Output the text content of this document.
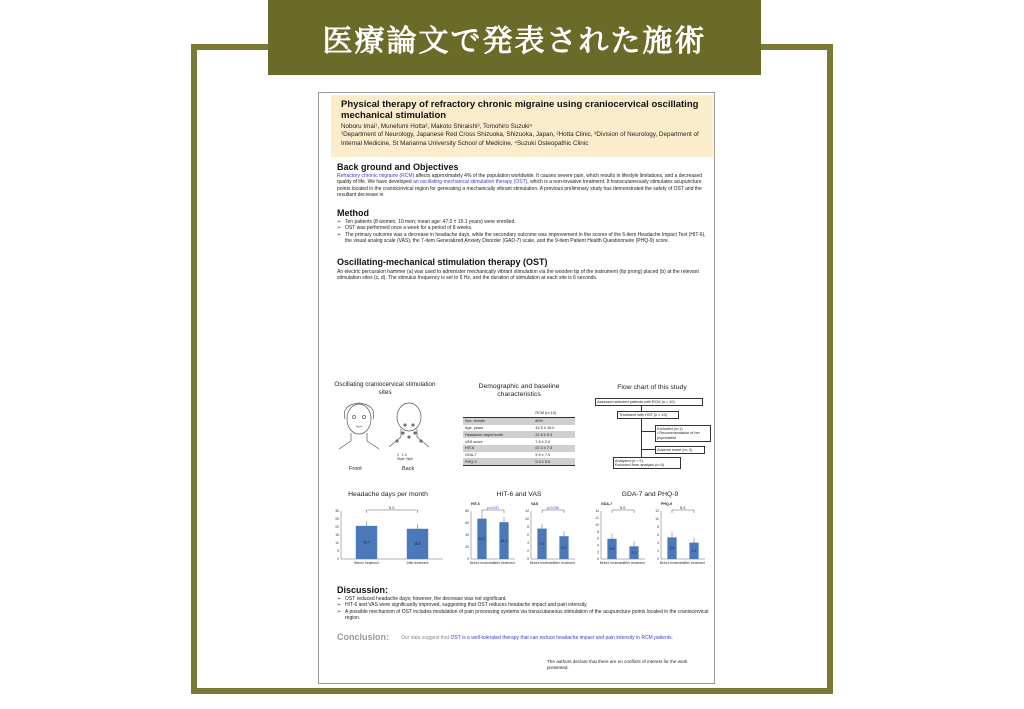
医療論文で発表された施術
Physical therapy of refractory chronic migraine using craniocervical oscillating mechanical stimulation
Noboru Imai¹, Munefumi Hotta², Makoto Shiraishi³, Tomohiro Suzuki⁴
¹Department of Neurology, Japanese Red Cross Shizuoka, Shizuoka, Japan, ²Hotta Clinic, ³Division of Neurology, Department of Internal Medicine, St Marianna University School of Medicine, ⁴Suzuki Osteopathic Clinic
Back ground and Objectives
Refractory chronic migraine (RCM) affects approximately 4% of the population worldwide. It causes severe pain, which results in lifestyle limitations, and a decreased quality of life. We have developed an oscillating-mechanical stimulation therapy (OST), which is a non-invasive treatment. It transcutaneously stimulates acupuncture points located in the craniocervical region for generating a mechanically vibrant stimulation. A previous preliminary study has demonstrated the safety of OST and the resultant decrease in
Method
➢ Ten patients (8 women, 10 men; mean age: 47.0 ± 15.1 years) were enrolled.
➢ OST was performed once a week for a period of 8 weeks.
➢ The primary outcome was a decrease in headache days, while the secondary outcome was improvement in the scores of the 6-item Headache Impact Test (HIT-6), the visual analog scale (VAS), the 7-item Generalized Anxiety Disorder (GAD-7) scale, and the 9-item Patient Health Questionnaire (PHQ-9) score.
Oscillating-mechanical stimulation therapy (OST)
An electric percussion hammer (a) was used to administer mechanically vibrant stimulation via the wooden tip of the instrument (tip prong) placed (b) at the relevant stimulation sites (c, d). The stimulus frequency is set to 6 Hz, and the duration of stimulation at each site is 6 seconds.
Oscillating craniocervical stimulation sites
3   1-3
Style Style
Front	Back
Demographic and baseline characteristics
	RCM (n=10)
Sex, female	80%
Age, years	44.9 ± 15.0
Headache days/month	21.6 ± 5.3
VAS score	7.6 ± 2.0
HIT-6	67.3 ± 7.3
GDA-7	5.9 ± 7.5
PHQ-9	5.4 ± 5.5
Flow chart of this study
Assessed selected patients with RCM (n = 10)
Treatment with OST (n = 10)
Excluded (n=1)
• Recommendation of her psychiatrist
Adverse event (n= 0)
Analyzed (n = 9)
Excluded from analysis (n=0)
Headache days per month
0
5
10
15
20
25
30
20.7
Before treatment
18.9
After treatment
N.S.
HIT-6 and VAS
0
20
40
60
80
67.3
Before treatment
61.4
After treatment
p=0.037
HIT-6
0
2
4
6
8
10
12
7.6
Before treatment
5.7
After treatment
p=0.030
VAS
GDA-7 and PHQ-9
0
2
4
6
8
10
12
14
5.9
Before treatment
3.7
After treatment
N.S.
GDA-7
0
2
4
6
8
10
12
5.4
Before treatment
4.1
After treatment
N.S.
PHQ-9
Discussion:
➢ OST reduced headache days; however, the decrease was not significant.
➢ HIT-6 and VAS were significantly improved, suggesting that OST reduces headache impact and pain intensity.
➢ A possible mechanism of OST includes modulation of pain processing systems via transcutaneous stimulation of the acupuncture points located in the craniocervical region.
Conclusion:	Our data suggest that OST is a well-tolerated therapy that can reduce headache impact and pain intensity in RCM patients.
The authors declare that there are no conflicts of interest for the work presented.
